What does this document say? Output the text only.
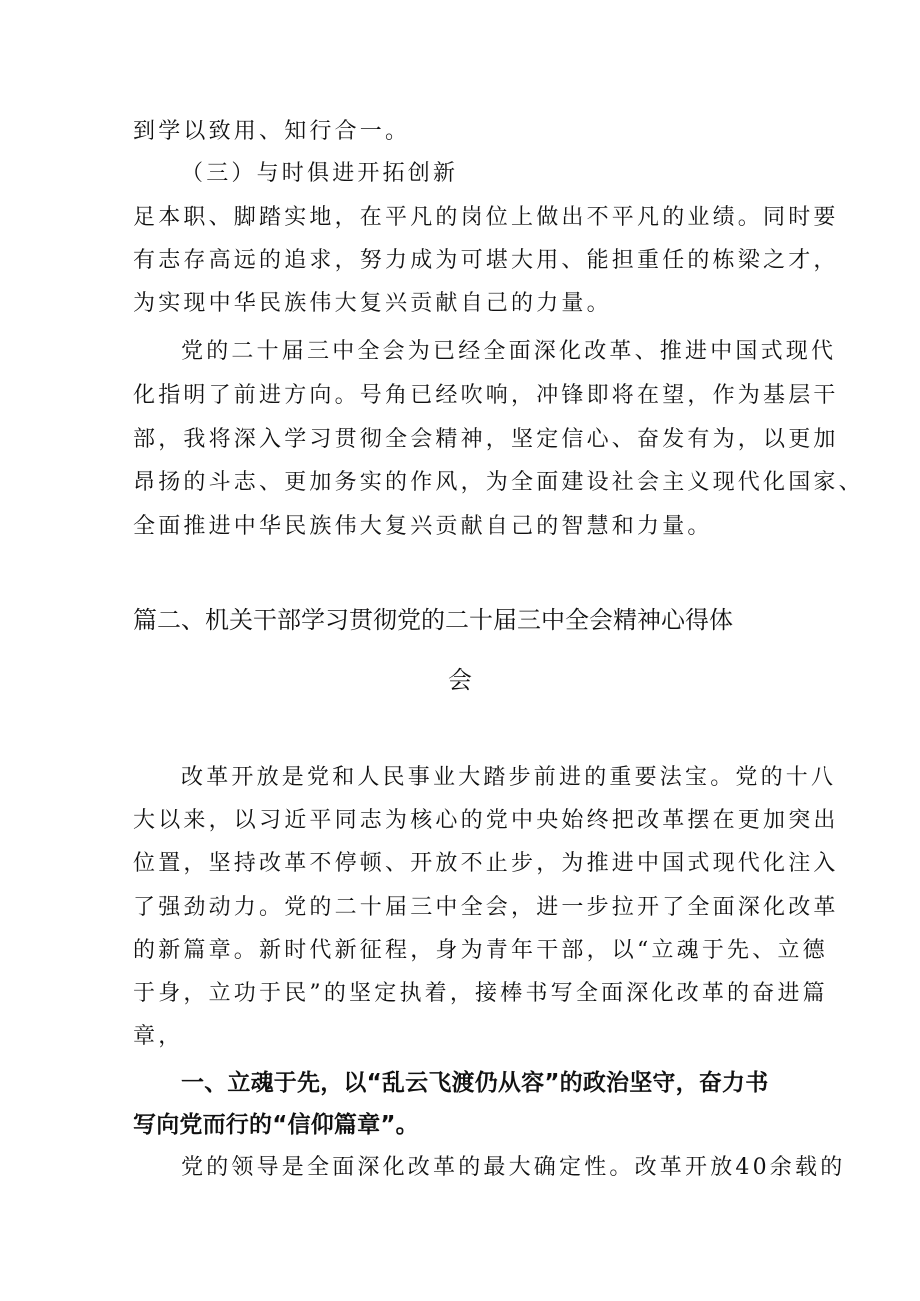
到学以致用、知行合一。
（三）与时俱进开拓创新
足本职、脚踏实地，在平凡的岗位上做出不平凡的业绩。同时要
有志存高远的追求，努力成为可堪大用、能担重任的栋梁之才，
为实现中华民族伟大复兴贡献自己的力量。
党的二十届三中全会为已经全面深化改革、推进中国式现代
化指明了前进方向。号角已经吹响，冲锋即将在望，作为基层干
部，我将深入学习贯彻全会精神，坚定信心、奋发有为，以更加
昂扬的斗志、更加务实的作风，为全面建设社会主义现代化国家、
全面推进中华民族伟大复兴贡献自己的智慧和力量。
篇二、机关干部学习贯彻党的二十届三中全会精神心得体
会
改革开放是党和人民事业大踏步前进的重要法宝。党的十八
大以来，以习近平同志为核心的党中央始终把改革摆在更加突出
位置，坚持改革不停顿、开放不止步，为推进中国式现代化注入
了强劲动力。党的二十届三中全会，进一步拉开了全面深化改革
的新篇章。新时代新征程，身为青年干部，以“立魂于先、立德
于身，立功于民”的坚定执着，接棒书写全面深化改革的奋进篇
章，
一、立魂于先，以“乱云飞渡仍从容”的政治坚守，奋力书
写向党而行的“信仰篇章”。
党的领导是全面深化改革的最大确定性。改革开放40余载的
